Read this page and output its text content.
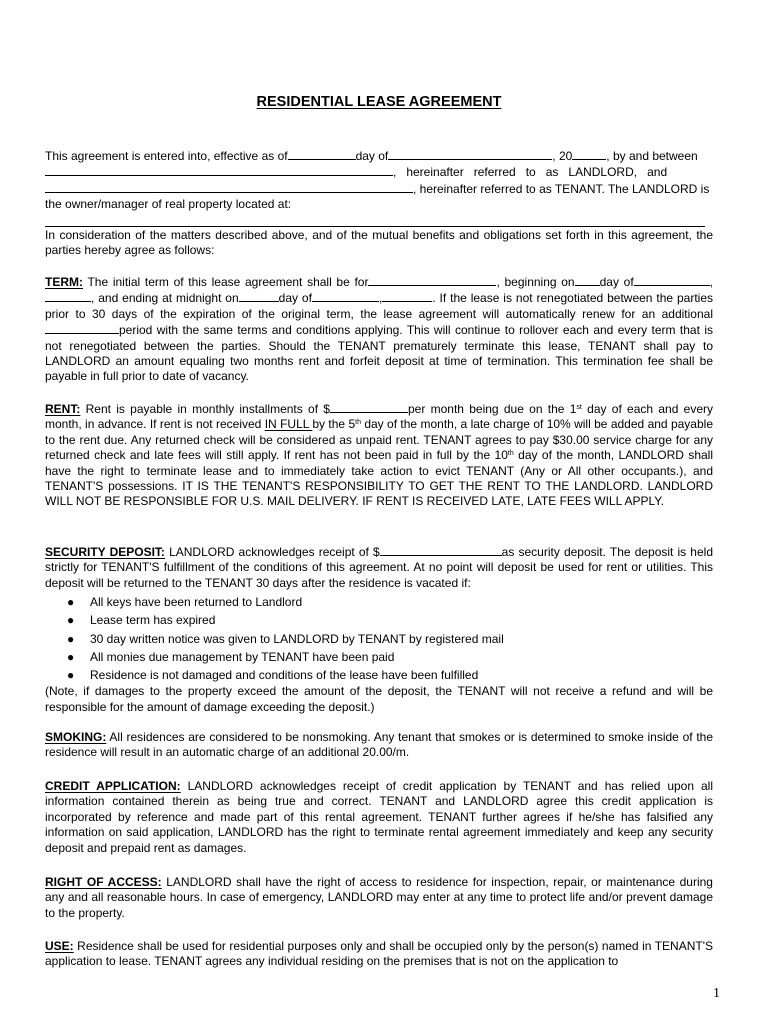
RESIDENTIAL LEASE AGREEMENT

This agreement is entered into, effective as of	day of	, 20	, by and between
,   hereinafter   referred   to   as   LANDLORD,   and
, hereinafter referred to as TENANT. The LANDLORD is
the owner/manager of real property located at:

In consideration of the matters described above, and of the mutual benefits and obligations set forth in this agreement, the parties hereby agree as follows:

TERM: The initial term of this lease agreement shall be for	, beginning on day of	, , and ending at midnight on	day of	,	. If the lease is not renegotiated between the parties prior to 30 days of the expiration of the original term, the lease agreement will automatically renew for an additional period with the same terms and conditions applying. This will continue to rollover each and every term that is not renegotiated between the parties. Should the TENANT prematurely terminate this lease, TENANT shall pay to LANDLORD an amount equaling two months rent and forfeit deposit at time of termination. This termination fee shall be payable in full prior to date of vacancy.

RENT: Rent is payable in monthly installments of $	per month being due on the 1st day of each and every month, in advance. If rent is not received IN FULL by the 5th day of the month, a late charge of 10% will be added and payable to the rent due. Any returned check will be considered as unpaid rent. TENANT agrees to pay $30.00 service charge for any returned check and late fees will still apply. If rent has not been paid in full by the 10th day of the month, LANDLORD shall have the right to terminate lease and to immediately take action to evict TENANT (Any or All other occupants.), and TENANT'S possessions. IT IS THE TENANT'S RESPONSIBILITY TO GET THE RENT TO THE LANDLORD. LANDLORD WILL NOT BE RESPONSIBLE FOR U.S. MAIL DELIVERY. IF RENT IS RECEIVED LATE, LATE FEES WILL APPLY.

SECURITY DEPOSIT: LANDLORD acknowledges receipt of $	as security deposit. The deposit is held strictly for TENANT'S fulfillment of the conditions of this agreement. At no point will deposit be used for rent or utilities. This deposit will be returned to the TENANT 30 days after the residence is vacated if:

● All keys have been returned to Landlord
● Lease term has expired
● 30 day written notice was given to LANDLORD by TENANT by registered mail
● All monies due management by TENANT have been paid
● Residence is not damaged and conditions of the lease have been fulfilled

(Note, if damages to the property exceed the amount of the deposit, the TENANT will not receive a refund and will be responsible for the amount of damage exceeding the deposit.)

SMOKING: All residences are considered to be nonsmoking. Any tenant that smokes or is determined to smoke inside of the residence will result in an automatic charge of an additional 20.00/m.

CREDIT APPLICATION: LANDLORD acknowledges receipt of credit application by TENANT and has relied upon all information contained therein as being true and correct. TENANT and LANDLORD agree this credit application is incorporated by reference and made part of this rental agreement. TENANT further agrees if he/she has falsified any information on said application, LANDLORD has the right to terminate rental agreement immediately and keep any security deposit and prepaid rent as damages.

RIGHT OF ACCESS: LANDLORD shall have the right of access to residence for inspection, repair, or maintenance during any and all reasonable hours. In case of emergency, LANDLORD may enter at any time to protect life and/or prevent damage to the property.

USE: Residence shall be used for residential purposes only and shall be occupied only by the person(s) named in TENANT'S application to lease. TENANT agrees any individual residing on the premises that is not on the application to

1
